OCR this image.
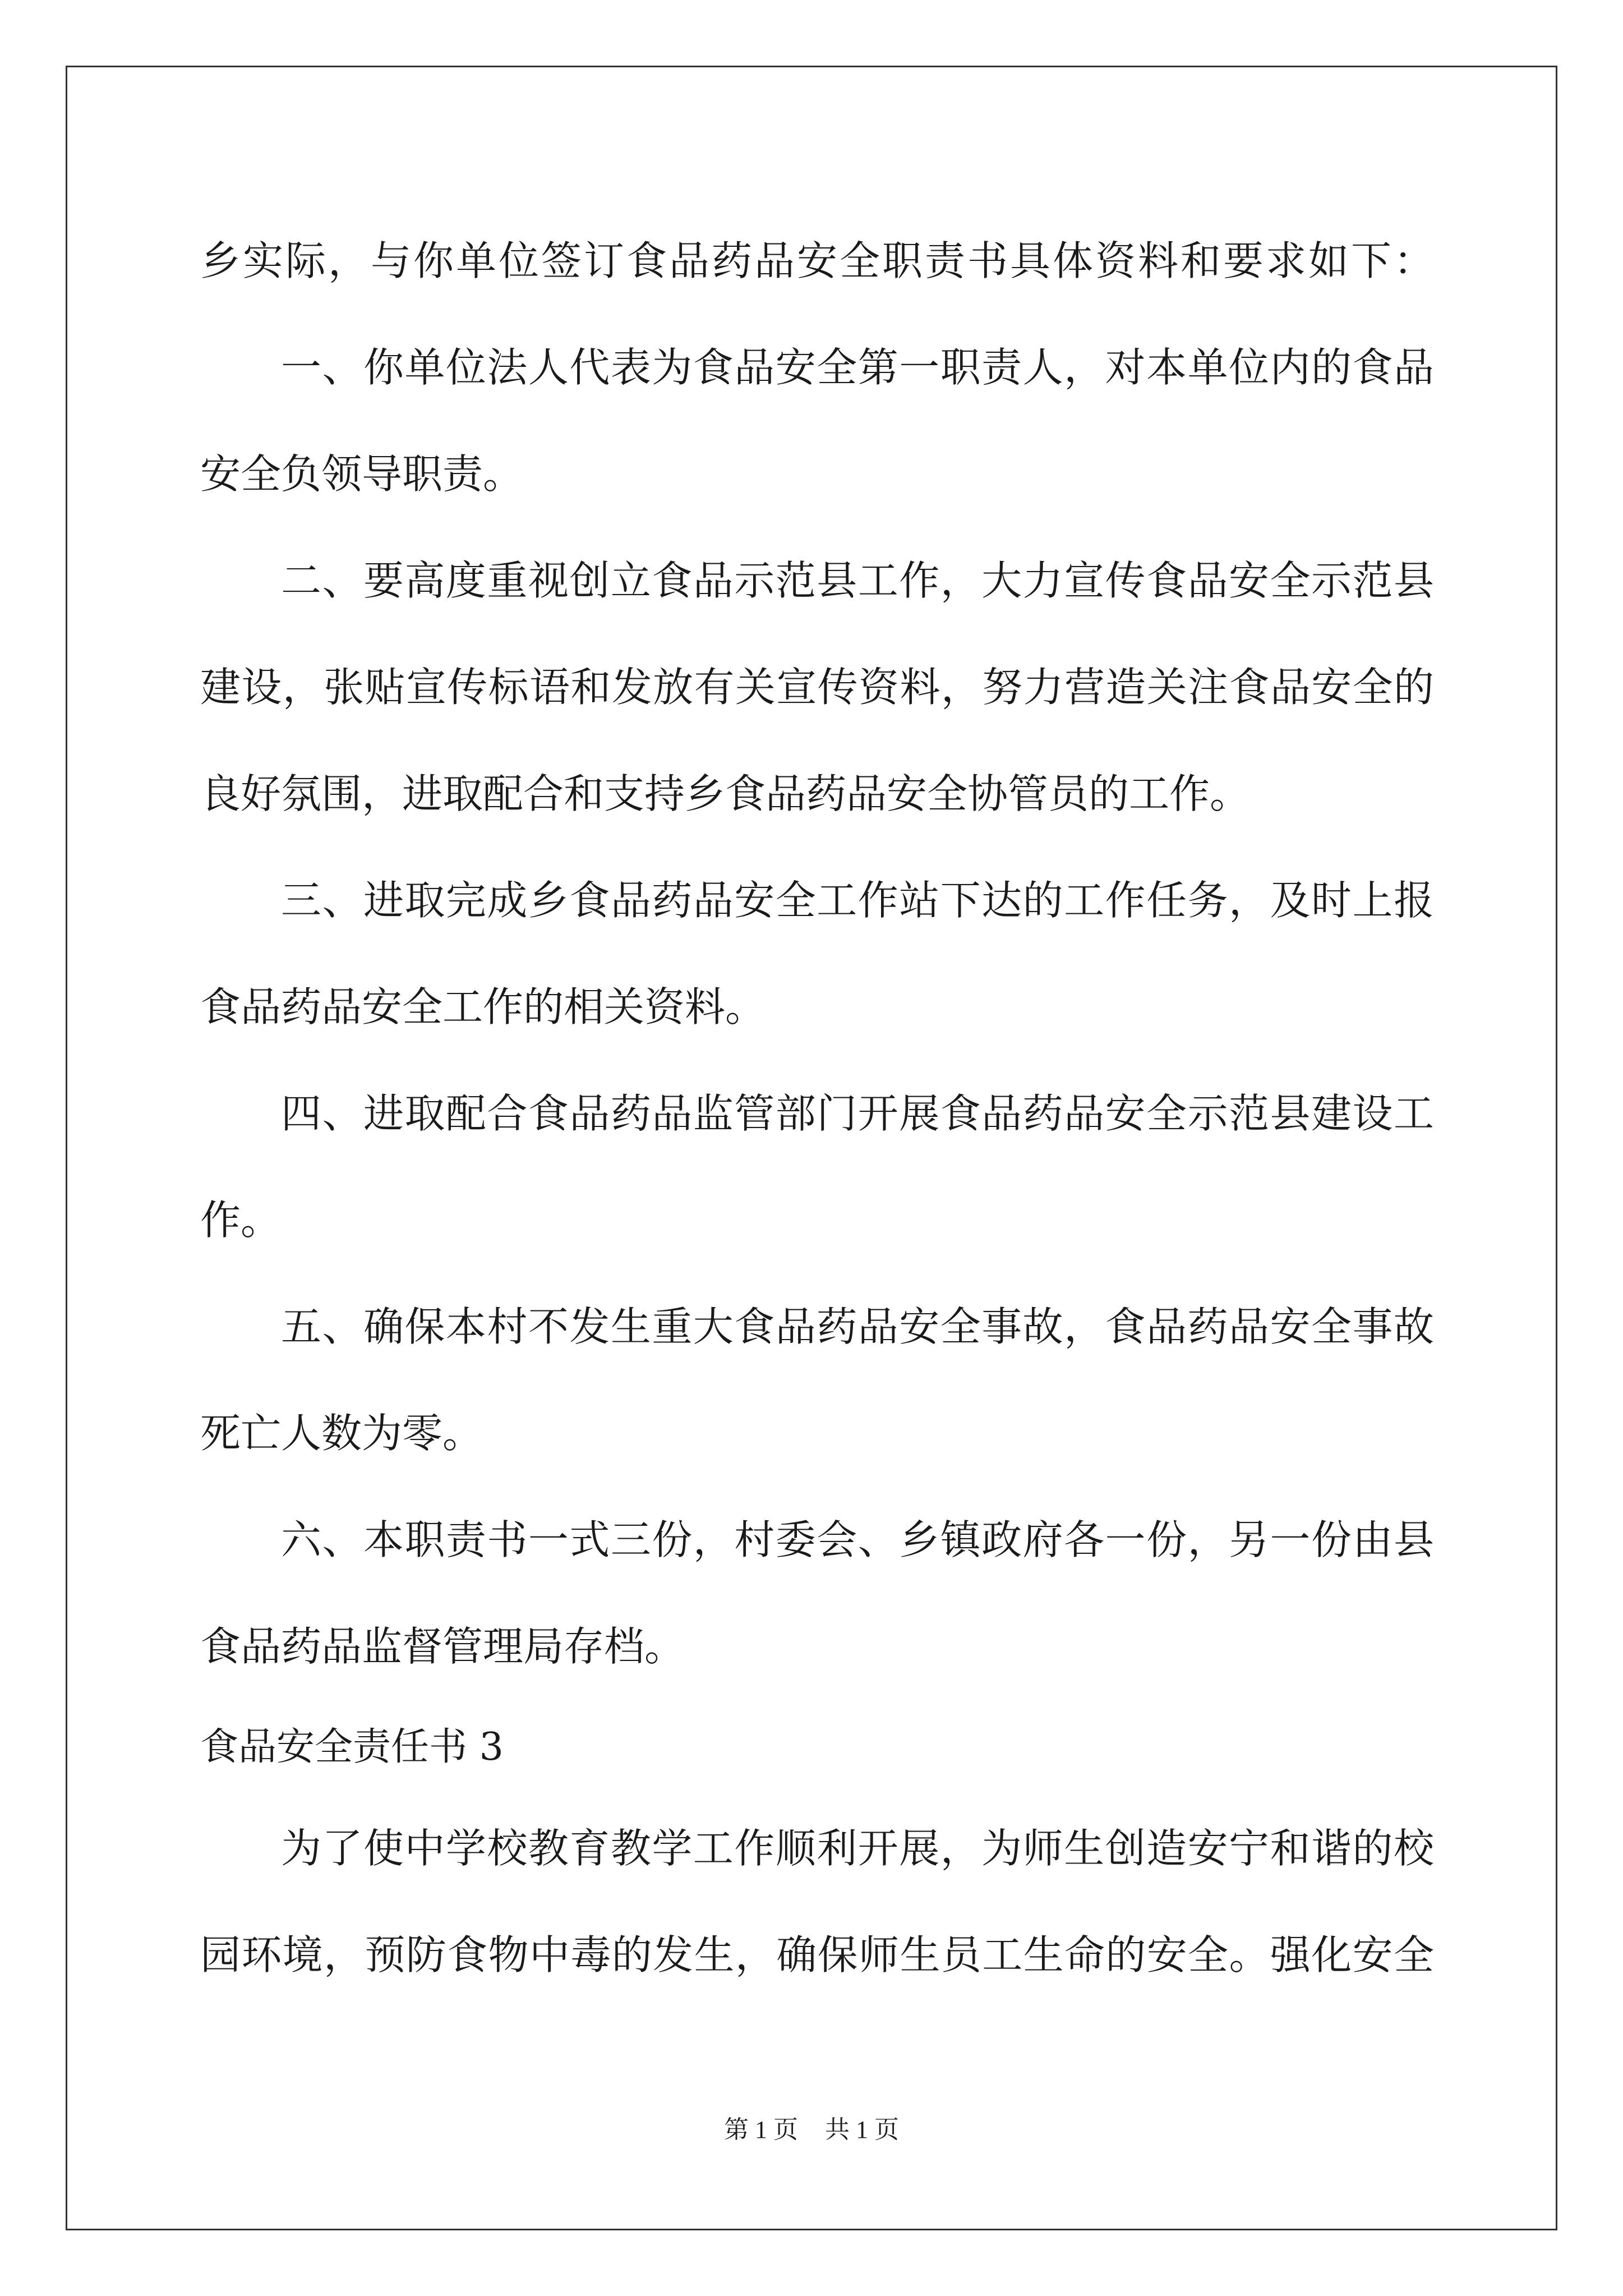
乡实际，与你单位签订食品药品安全职责书具体资料和要求如下：
一、你单位法人代表为食品安全第一职责人，对本单位内的食品
安全负领导职责。
二、要高度重视创立食品示范县工作，大力宣传食品安全示范县
建设，张贴宣传标语和发放有关宣传资料，努力营造关注食品安全的
良好氛围，进取配合和支持乡食品药品安全协管员的工作。
三、进取完成乡食品药品安全工作站下达的工作任务，及时上报
食品药品安全工作的相关资料。
四、进取配合食品药品监管部门开展食品药品安全示范县建设工
作。
五、确保本村不发生重大食品药品安全事故，食品药品安全事故
死亡人数为零。
六、本职责书一式三份，村委会、乡镇政府各一份，另一份由县
食品药品监督管理局存档。
食品安全责任书 3
为了使中学校教育教学工作顺利开展，为师生创造安宁和谐的校
园环境，预防食物中毒的发生，确保师生员工生命的安全。强化安全
第 1 页 共 1 页
